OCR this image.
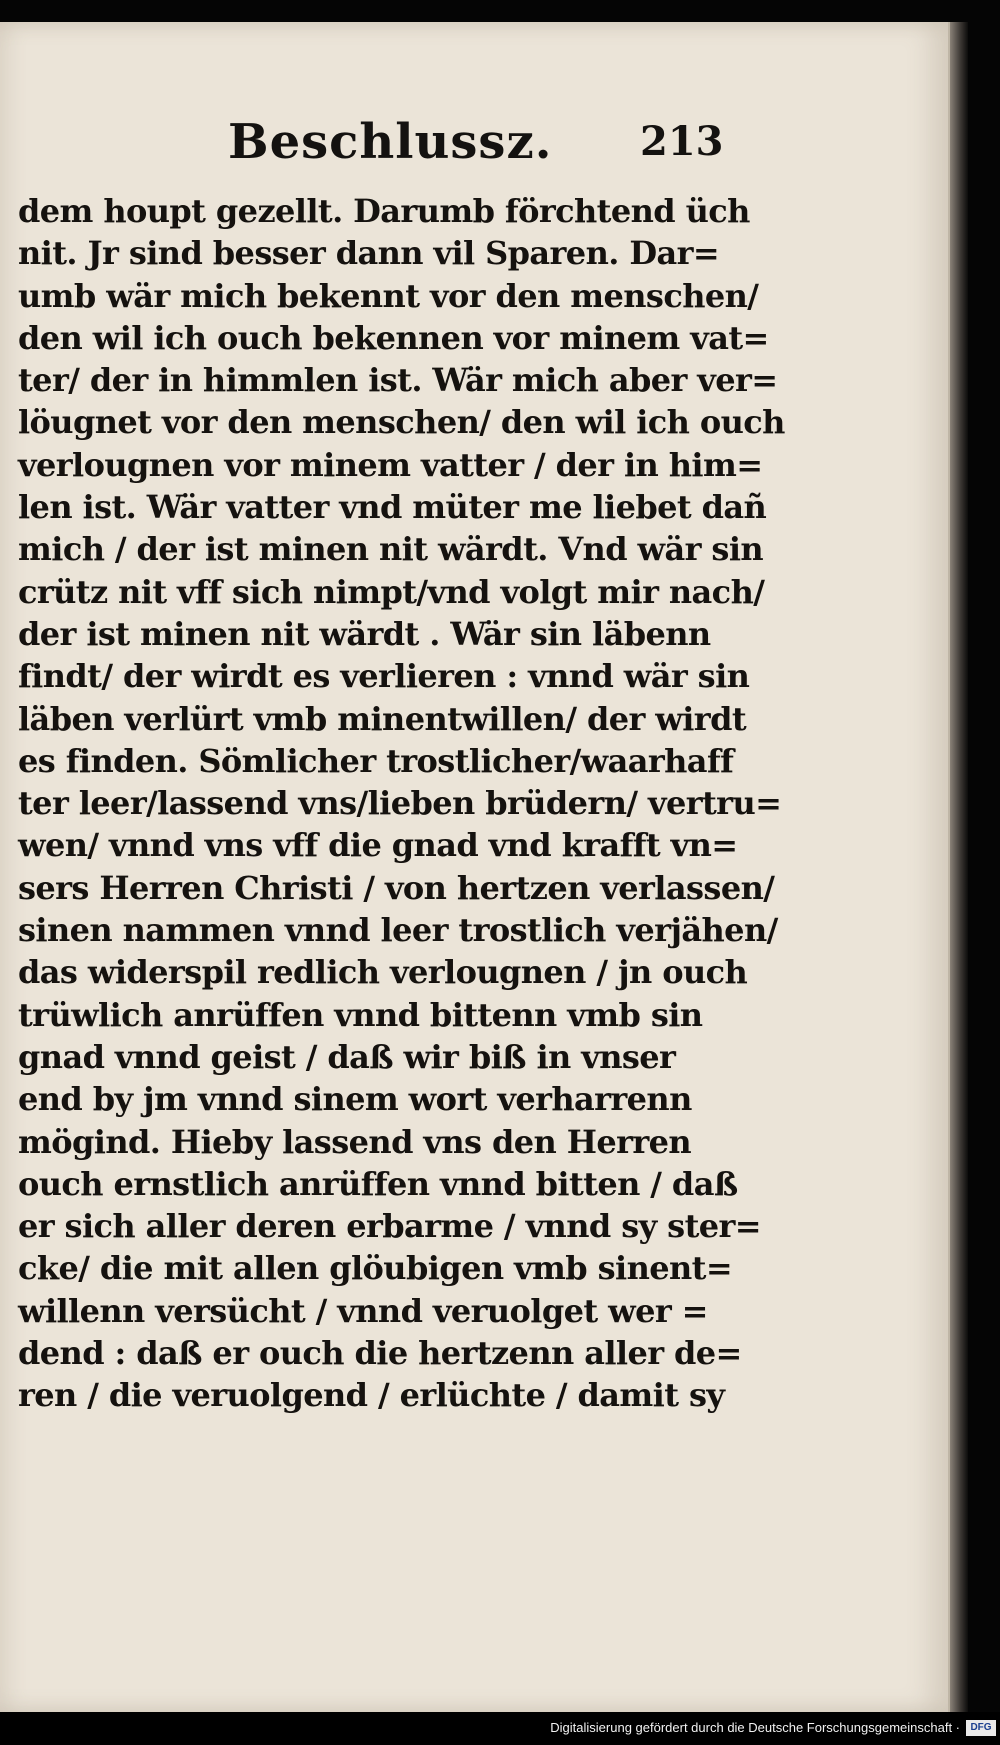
Beschlussz. 213
dem houpt gezellt. Darumb förchtend üch
nit. Jr sind besser dann vil Sparen. Dar=
umb wär mich bekennt vor den menschen/
den wil ich ouch bekennen vor minem vat=
ter/ der in himmlen ist. Wär mich aber ver=
löugnet vor den menschen/ den wil ich ouch
verlougnen vor minem vatter / der in him=
len ist. Wär vatter vnd müter me liebet dañ
mich / der ist minen nit wärdt. Vnd wär sin
crütz nit vff sich nimpt/vnd volgt mir nach/
der ist minen nit wärdt . Wär sin läbenn
findt/ der wirdt es verlieren : vnnd wär sin
läben verlürt vmb minentwillen/ der wirdt
es finden. Sömlicher trostlicher/waarhaff
ter leer/lassend vns/lieben brüdern/ vertru=
wen/ vnnd vns vff die gnad vnd krafft vn=
sers Herren Christi / von hertzen verlassen/
sinen nammen vnnd leer trostlich verjähen/
das widerspil redlich verlougnen / jn ouch
trüwlich anrüffen vnnd bittenn vmb sin
gnad vnnd geist / daß wir biß in vnser
end by jm vnnd sinem wort verharrenn
mögind. Hieby lassend vns den Herren
ouch ernstlich anrüffen vnnd bitten / daß
er sich aller deren erbarme / vnnd sy ster=
cke/ die mit allen glöubigen vmb sinent=
willenn versücht / vnnd veruolget wer =
dend : daß er ouch die hertzenn aller de=
ren / die veruolgend / erlüchte / damit sy
Digitalisierung gefördert durch die Deutsche Forschungsgemeinschaft ·	DFG
